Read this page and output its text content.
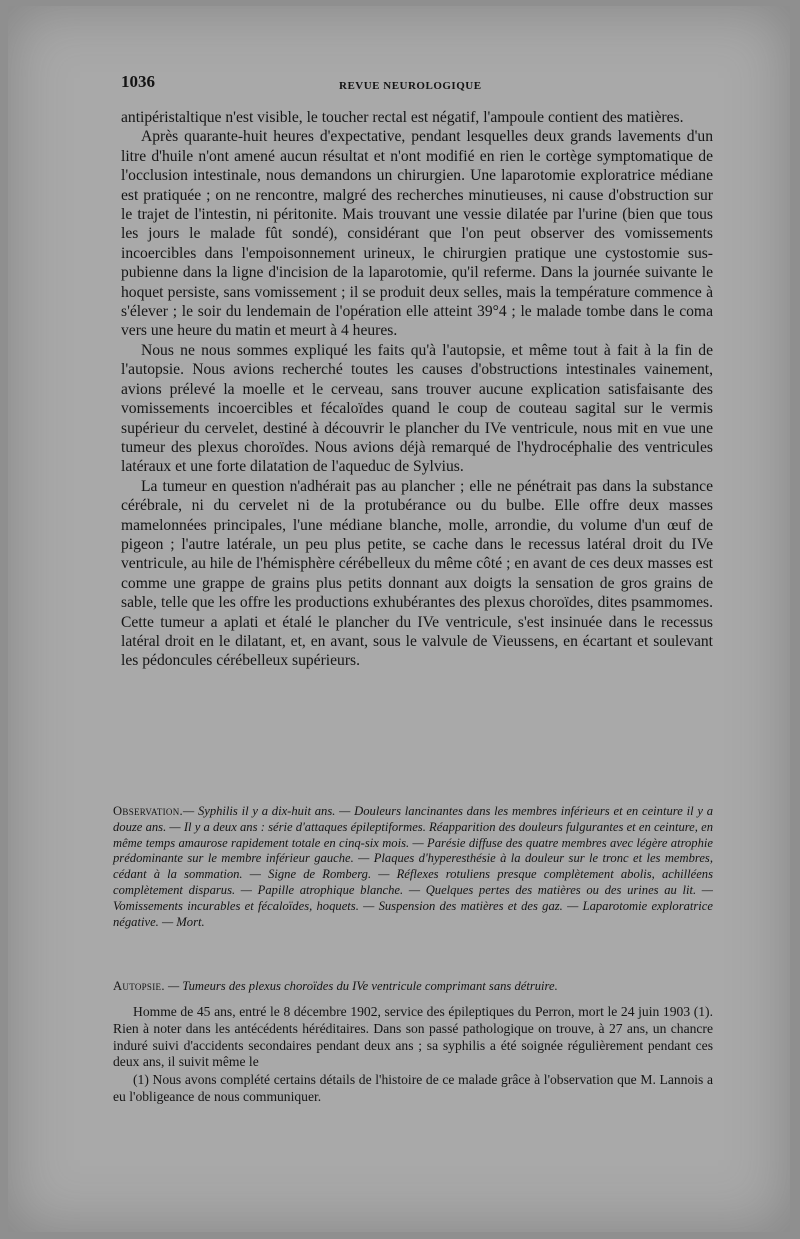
1036	REVUE NEUROLOGIQUE

antipéristaltique n'est visible, le toucher rectal est négatif, l'ampoule contient des matières.

Après quarante-huit heures d'expectative, pendant lesquelles deux grands lavements d'un litre d'huile n'ont amené aucun résultat et n'ont modifié en rien le cortège symptomatique de l'occlusion intestinale, nous demandons un chirurgien. Une laparotomie exploratrice médiane est pratiquée ; on ne rencontre, malgré des recherches minutieuses, ni cause d'obstruction sur le trajet de l'intestin, ni péritonite. Mais trouvant une vessie dilatée par l'urine (bien que tous les jours le malade fût sondé), considérant que l'on peut observer des vomissements incoercibles dans l'empoisonnement urineux, le chirurgien pratique une cystostomie sus-pubienne dans la ligne d'incision de la laparotomie, qu'il referme. Dans la journée suivante le hoquet persiste, sans vomissement ; il se produit deux selles, mais la température commence à s'élever ; le soir du lendemain de l'opération elle atteint 39°4 ; le malade tombe dans le coma vers une heure du matin et meurt à 4 heures.

Nous ne nous sommes expliqué les faits qu'à l'autopsie, et même tout à fait à la fin de l'autopsie. Nous avions recherché toutes les causes d'obstructions intestinales vainement, avions prélevé la moelle et le cerveau, sans trouver aucune explication satisfaisante des vomissements incoercibles et fécaloïdes quand le coup de couteau sagital sur le vermis supérieur du cervelet, destiné à découvrir le plancher du IVe ventricule, nous mit en vue une tumeur des plexus choroïdes. Nous avions déjà remarqué de l'hydrocéphalie des ventricules latéraux et une forte dilatation de l'aqueduc de Sylvius.

La tumeur en question n'adhérait pas au plancher ; elle ne pénétrait pas dans la substance cérébrale, ni du cervelet ni de la protubérance ou du bulbe. Elle offre deux masses mamelonnées principales, l'une médiane blanche, molle, arrondie, du volume d'un œuf de pigeon ; l'autre latérale, un peu plus petite, se cache dans le recessus latéral droit du IVe ventricule, au hile de l'hémisphère cérébelleux du même côté ; en avant de ces deux masses est comme une grappe de grains plus petits donnant aux doigts la sensation de gros grains de sable, telle que les offre les productions exhubérantes des plexus choroïdes, dites psammomes. Cette tumeur a aplati et étalé le plancher du IVe ventricule, s'est insinuée dans le recessus latéral droit en le dilatant, et, en avant, sous le valvule de Vieussens, en écartant et soulevant les pédoncules cérébelleux supérieurs.

Observation.— Syphilis il y a dix-huit ans. — Douleurs lancinantes dans les membres inférieurs et en ceinture il y a douze ans. — Il y a deux ans : série d'attaques épileptiformes. Réapparition des douleurs fulgurantes et en ceinture, en même temps amaurose rapidement totale en cinq-six mois. — Parésie diffuse des quatre membres avec légère atrophie prédominante sur le membre inférieur gauche. — Plaques d'hyperesthésie à la douleur sur le tronc et les membres, cédant à la sommation. — Signe de Romberg. — Réflexes rotuliens presque complètement abolis, achilléens complètement disparus. — Papille atrophique blanche. — Quelques pertes des matières ou des urines au lit. — Vomissements incurables et fécaloïdes, hoquets. — Suspension des matières et des gaz. — Laparotomie exploratrice négative. — Mort.

Autopsie. — Tumeurs des plexus choroïdes du IVe ventricule comprimant sans détruire.

Homme de 45 ans, entré le 8 décembre 1902, service des épileptiques du Perron, mort le 24 juin 1903 (1). Rien à noter dans les antécédents héréditaires. Dans son passé pathologique on trouve, à 27 ans, un chancre induré suivi d'accidents secondaires pendant deux ans ; sa syphilis a été soignée régulièrement pendant ces deux ans, il suivit même le

(1) Nous avons complété certains détails de l'histoire de ce malade grâce à l'observation que M. Lannois a eu l'obligeance de nous communiquer.
